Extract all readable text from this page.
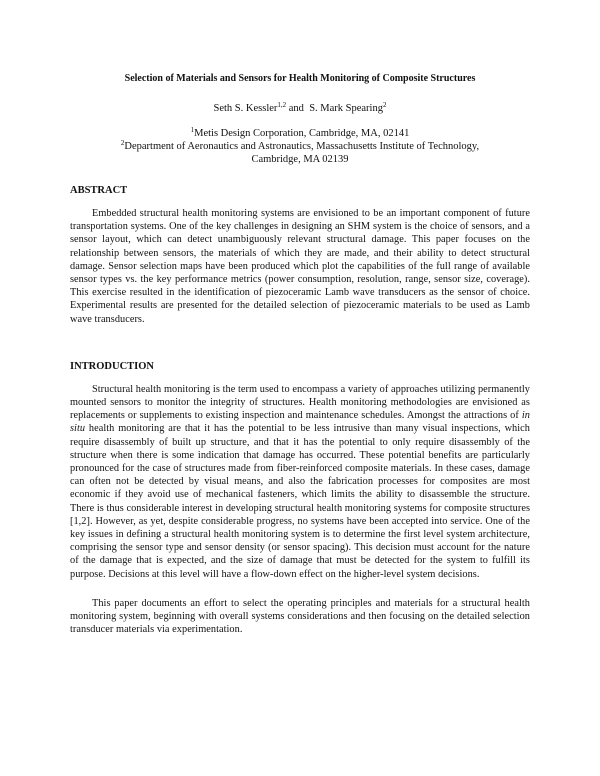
Selection of Materials and Sensors for Health Monitoring of Composite Structures
Seth S. Kessler$^{1,2}$ and S. Mark Spearing$^2$
$^1$Metis Design Corporation, Cambridge, MA, 02141
$^2$Department of Aeronautics and Astronautics, Massachusetts Institute of Technology,
Cambridge, MA 02139
ABSTRACT

Embedded structural health monitoring systems are envisioned to be an important component of future transportation systems. One of the key challenges in designing an SHM system is the choice of sensors, and a sensor layout, which can detect unambiguously relevant structural damage. This paper focuses on the relationship between sensors, the materials of which they are made, and their ability to detect structural damage. Sensor selection maps have been produced which plot the capabilities of the full range of available sensor types vs. the key performance metrics (power consumption, resolution, range, sensor size, coverage). This exercise resulted in the identification of piezoceramic Lamb wave transducers as the sensor of choice. Experimental results are presented for the detailed selection of piezoceramic materials to be used as Lamb wave transducers.

INTRODUCTION

Structural health monitoring is the term used to encompass a variety of approaches utilizing permanently mounted sensors to monitor the integrity of structures. Health monitoring methodologies are envisioned as replacements or supplements to existing inspection and maintenance schedules. Amongst the attractions of in situ health monitoring are that it has the potential to be less intrusive than many visual inspections, which require disassembly of built up structure, and that it has the potential to only require disassembly of the structure when there is some indication that damage has occurred. These potential benefits are particularly pronounced for the case of structures made from fiber-reinforced composite materials. In these cases, damage can often not be detected by visual means, and also the fabrication processes for composites are most economic if they avoid use of mechanical fasteners, which limits the ability to disassemble the structure. There is thus considerable interest in developing structural health monitoring systems for composite structures [1,2]. However, as yet, despite considerable progress, no systems have been accepted into service. One of the key issues in defining a structural health monitoring system is to determine the first level system architecture, comprising the sensor type and sensor density (or sensor spacing). This decision must account for the nature of the damage that is expected, and the size of damage that must be detected for the system to fulfill its purpose. Decisions at this level will have a flow-down effect on the higher-level system decisions.

This paper documents an effort to select the operating principles and materials for a structural health monitoring system, beginning with overall systems considerations and then focusing on the detailed selection transducer materials via experimentation.
